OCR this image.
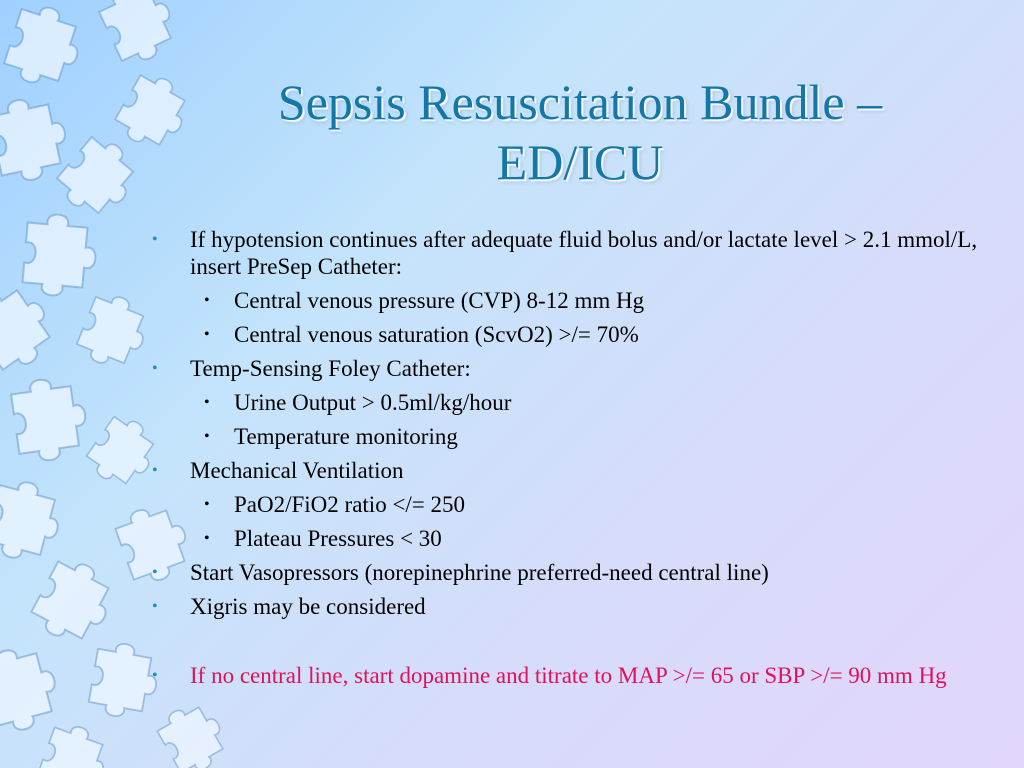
Sepsis Resuscitation Bundle – ED/ICU
• If hypotension continues after adequate fluid bolus and/or lactate level > 2.1 mmol/L, insert PreSep Catheter:
• Central venous pressure (CVP) 8-12 mm Hg
• Central venous saturation (ScvO2) >/= 70%
• Temp-Sensing Foley Catheter:
• Urine Output > 0.5ml/kg/hour
• Temperature monitoring
• Mechanical Ventilation
• PaO2/FiO2 ratio </= 250
• Plateau Pressures < 30
• Start Vasopressors (norepinephrine preferred-need central line)
• Xigris may be considered
• If no central line, start dopamine and titrate to MAP >/= 65 or SBP >/= 90 mm Hg
